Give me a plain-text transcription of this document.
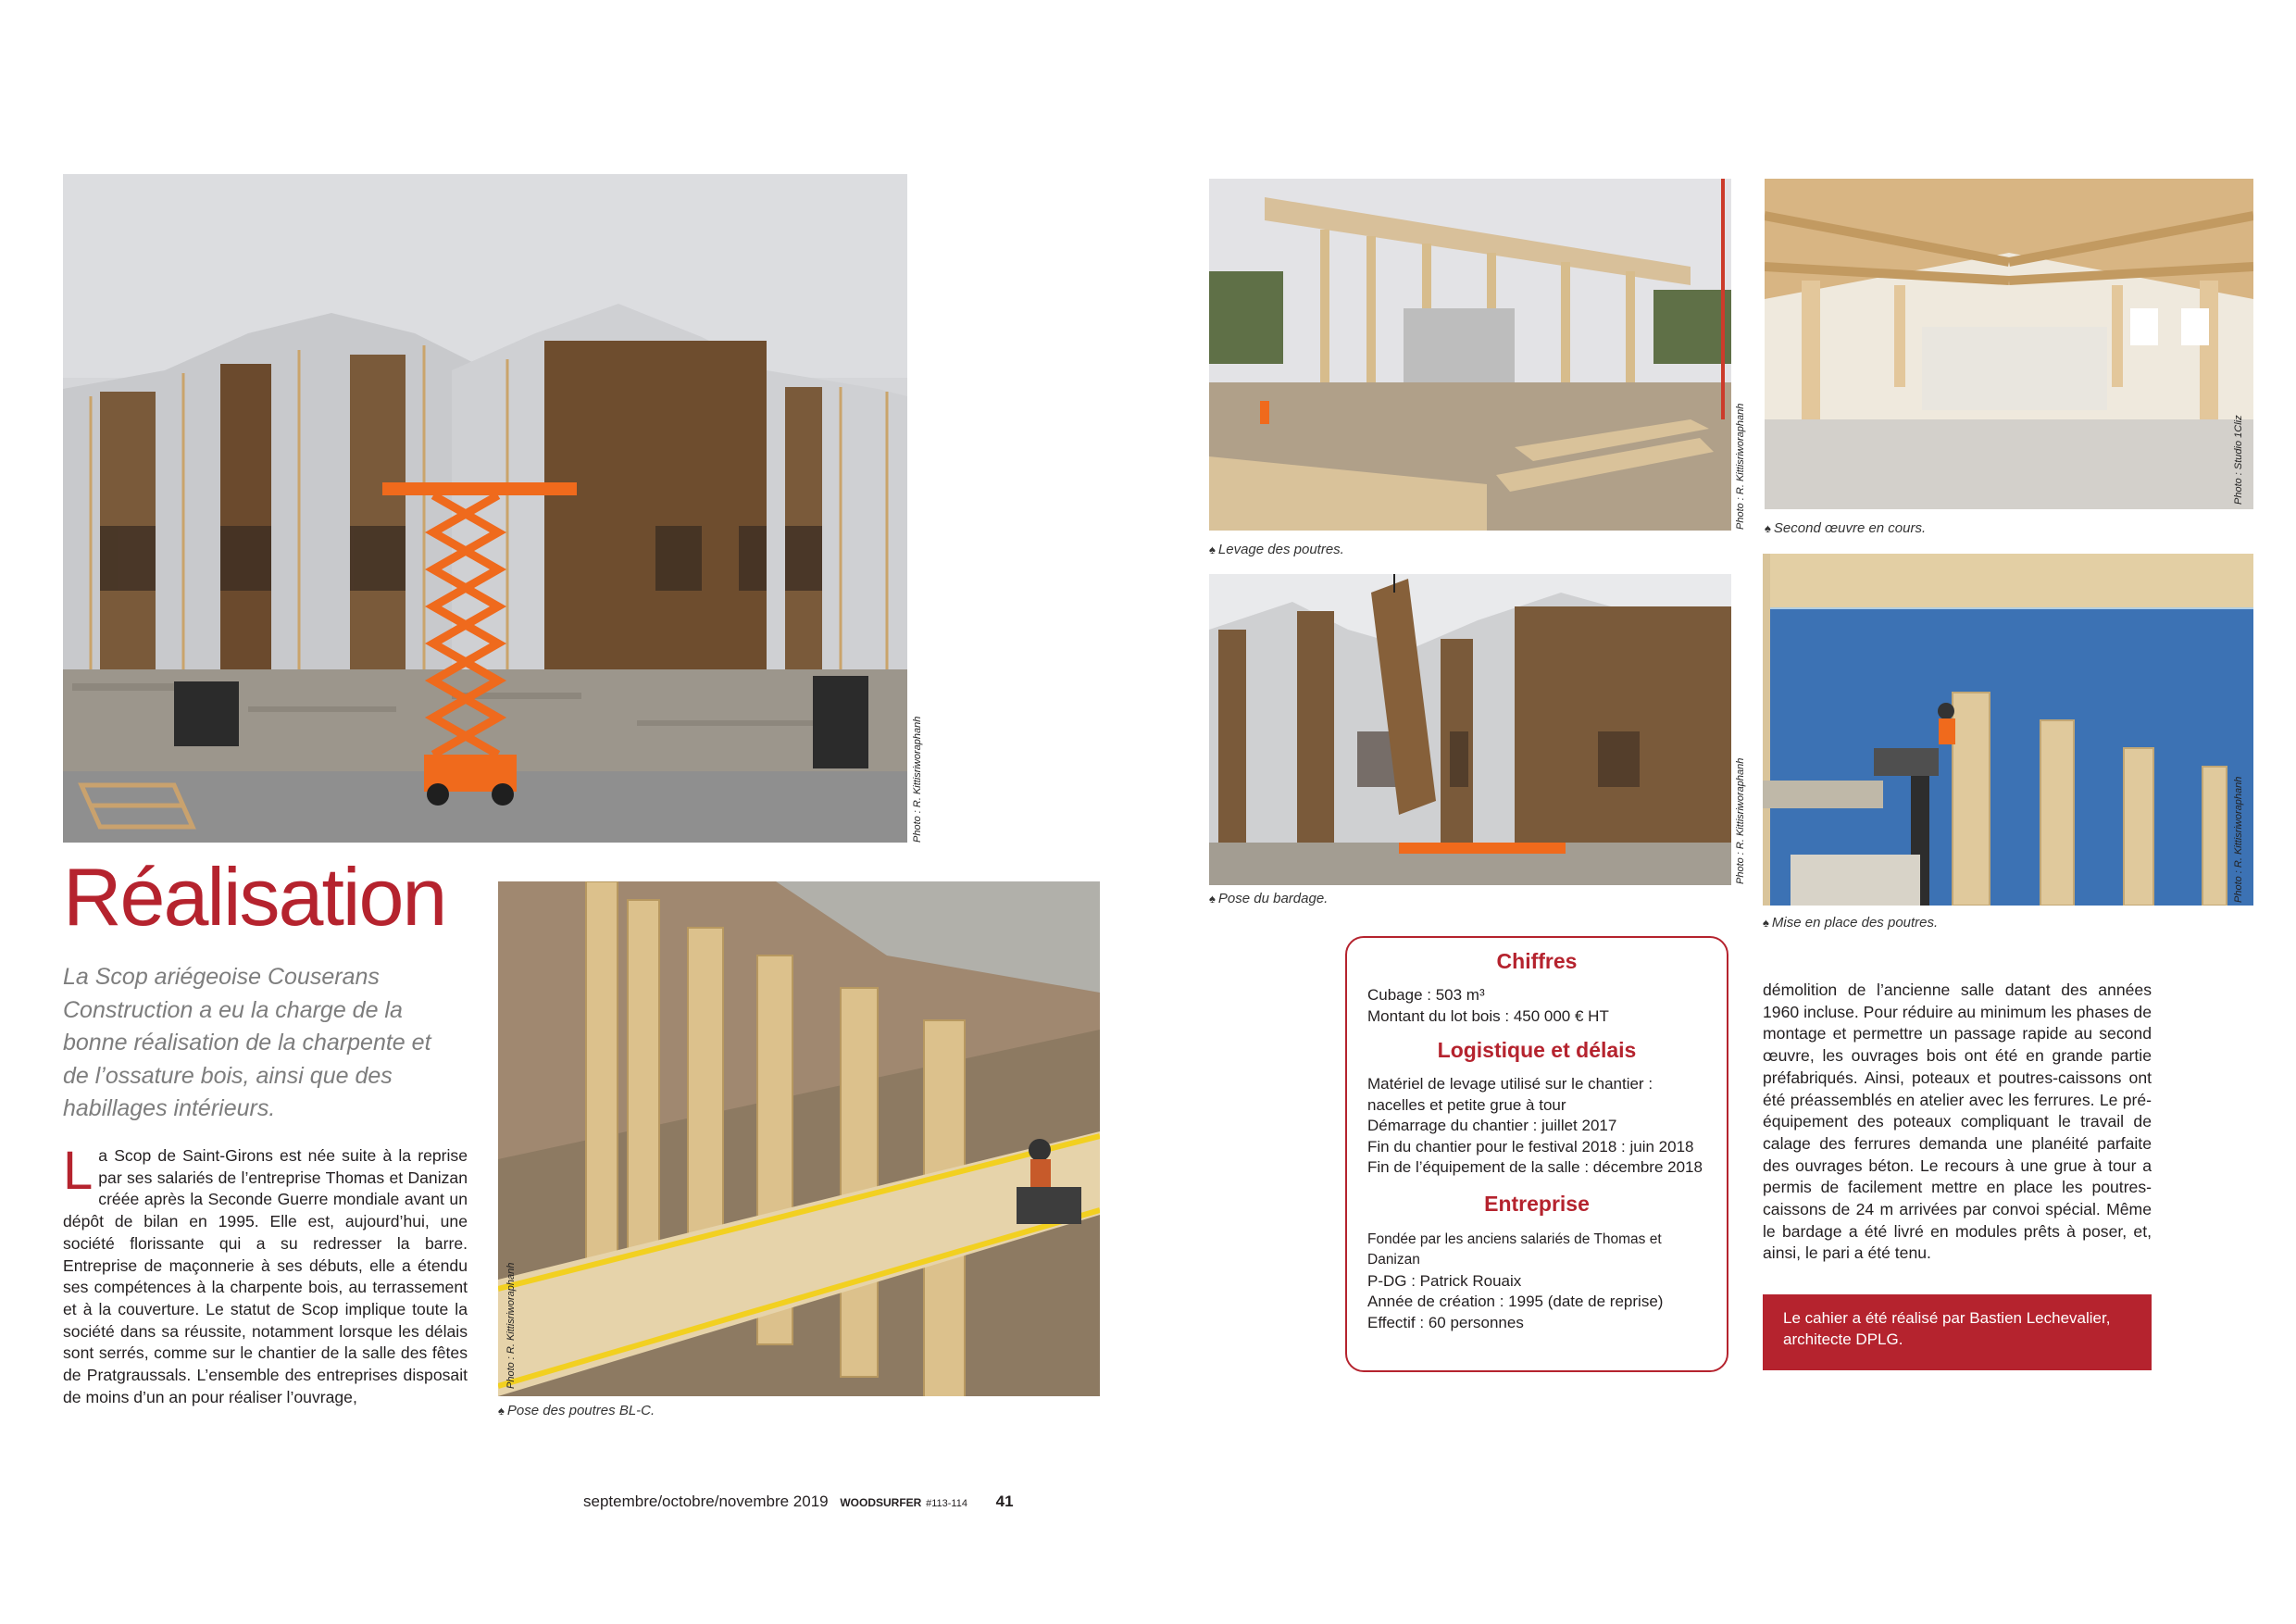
Photo : R. Kittisriworaphanh
Réalisation
La Scop ariégeoise Couserans Construction a eu la charge de la bonne réalisation de la charpente et de l’ossature bois, ainsi que des habillages intérieurs.
L a Scop de Saint-Girons est née suite à la reprise par ses salariés de l’entreprise Thomas et Danizan créée après la Seconde Guerre mondiale avant un dépôt de bilan en 1995. Elle est, aujourd’hui, une société florissante qui a su redresser la barre. Entreprise de maçonnerie à ses débuts, elle a étendu ses compétences à la charpente bois, au terrassement et à la couverture. Le statut de Scop implique toute la société dans sa réussite, notamment lorsque les délais sont serrés, comme sur le chantier de la salle des fêtes de Pratgraussals. L’ensemble des entreprises disposait de moins d’un an pour réaliser l’ouvrage,
Photo : R. Kittisriworaphanh
♠ Pose des poutres BL-C.
Photo : R. Kittisriworaphanh
♠ Levage des poutres.
Photo : Studio 1Cliz
♠ Second œuvre en cours.
Photo : R. Kittisriworaphanh
♠ Pose du bardage.	Photo : R. Kittisriworaphanh
♠ Mise en place des poutres.
Chiffres
Cubage : 503 m³
Montant du lot bois : 450 000 € HT
Logistique et délais
Matériel de levage utilisé sur le chantier : nacelles et petite grue à tour
Démarrage du chantier : juillet 2017
Fin du chantier pour le festival 2018 : juin 2018
Fin de l’équipement de la salle : décembre 2018
Entreprise
Fondée par les anciens salariés de Thomas et Danizan
P-DG : Patrick Rouaix
Année de création : 1995 (date de reprise)
Effectif : 60 personnes
démolition de l’ancienne salle datant des années 1960 incluse. Pour réduire au minimum les phases de montage et permettre un passage rapide au second œuvre, les ouvrages bois ont été en grande partie préfabriqués. Ainsi, poteaux et poutres-caissons ont été préassemblés en atelier avec les ferrures. Le pré-équipement des poteaux compliquant le travail de calage des ferrures demanda une planéité parfaite des ouvrages béton. Le recours à une grue à tour a permis de facilement mettre en place les poutres-caissons de 24 m arrivées par convoi spécial. Même le bardage a été livré en modules prêts à poser, et, ainsi, le pari a été tenu.
Le cahier a été réalisé par Bastien Lechevalier, architecte DPLG.
septembre/octobre/novembre 2019 WOODSURFER #113-114 41
